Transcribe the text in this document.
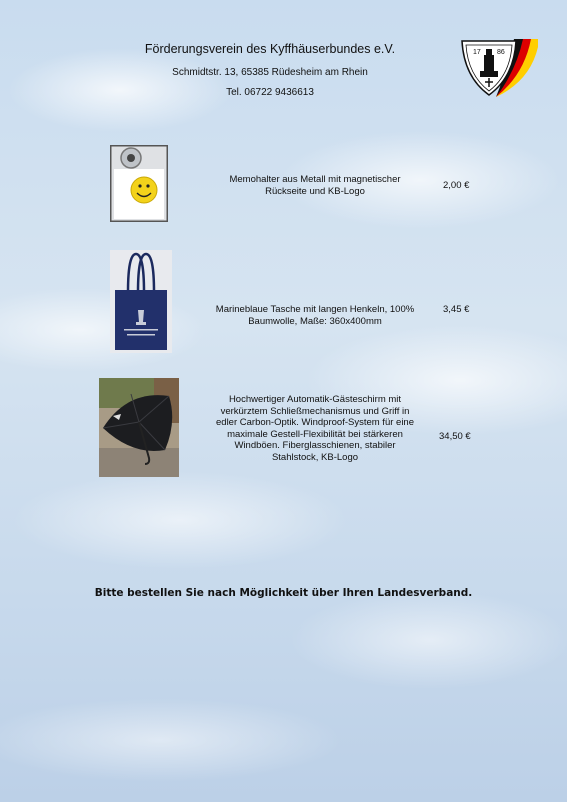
Förderungsverein des Kyffhäuserbundes e.V.
Schmidtstr. 13, 65385 Rüdesheim am Rhein
Tel. 06722 9436613
17 86
Memohalter aus Metall mit magnetischer Rückseite und KB-Logo	2,00 €
Marineblaue Tasche mit langen Henkeln, 100% Baumwolle, Maße: 360x400mm
3,45 €
Hochwertiger Automatik-Gästeschirm mit verkürztem Schließmechanismus und Griff in edler Carbon-Optik. Windproof-System für eine maximale Gestell-Flexibilität bei stärkeren Windböen. Fiberglasschienen, stabiler Stahlstock, KB-Logo
34,50 €
Bitte bestellen Sie nach Möglichkeit über Ihren Landesverband.
